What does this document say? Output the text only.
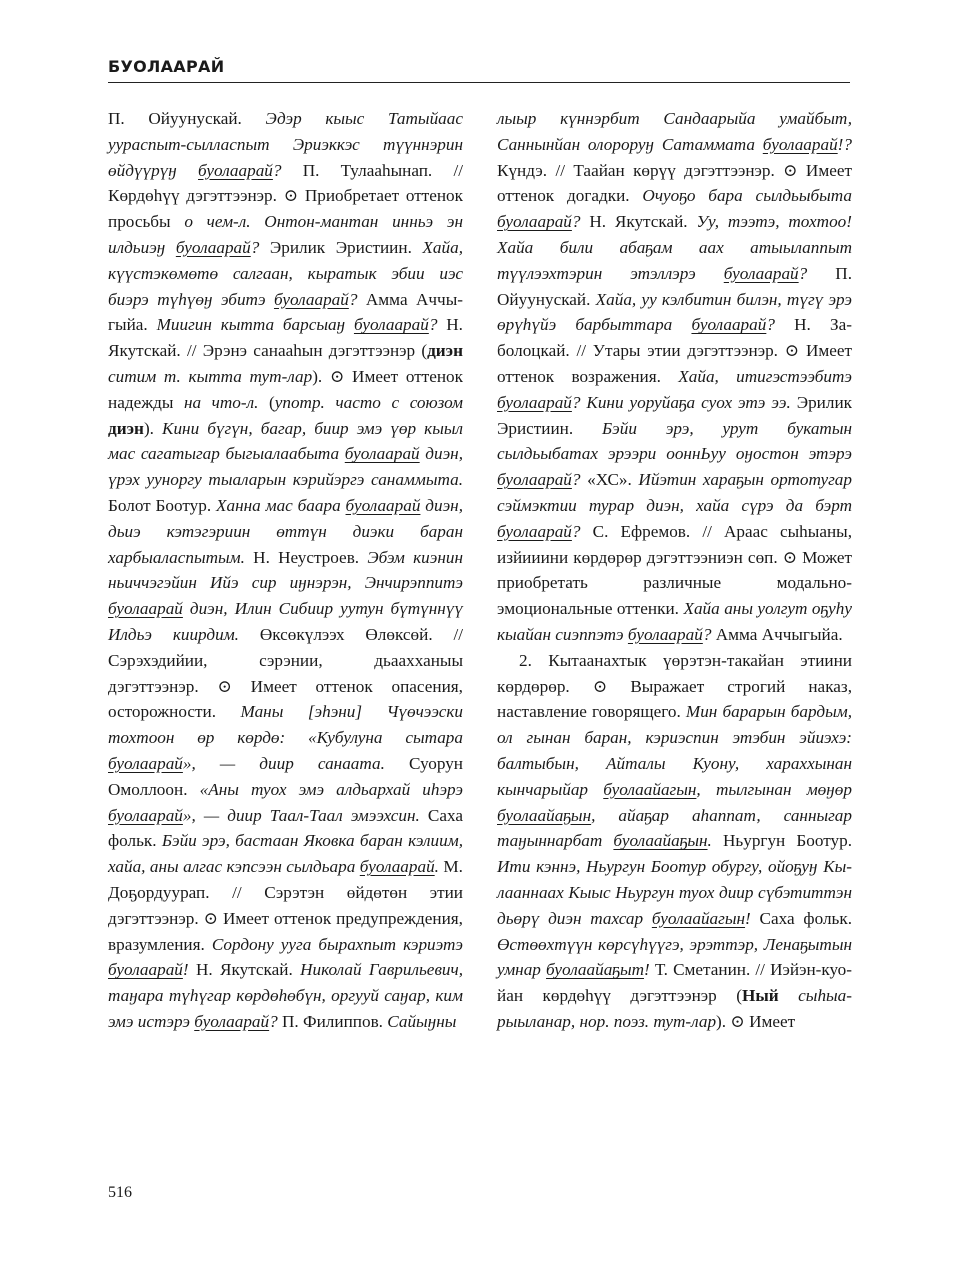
БУОЛААРАЙ

П. Ойуунускай. Эдэр кыыс Татыйаас уураспыт-сылласпыт Эриэккэс түүннэрин өйдүүрүӈ буолаарай? П. Тулааhынап. // Көрдөhүү дэгэттээнэр. ⊙ Приобретает оттенок просьбы о чем-л. Онтон-мантан инньэ эн илдьиэӈ буолаарай? Эрилик Эристиин. Хайа, күүстэкөмөтө салгаан, кыратык эбии иэс биэрэ түhүөӈ эбитэ буолаарай? Амма Аччыгыйа. Миигин кытта барсыаӈ буолаарай? Н. Якутскай. // Эрэнэ санааhын дэгэттээнэр (диэн ситим т. кытта тут-лар). ⊙ Имеет оттенок надежды на что-л. (употр. часто с союзом диэн). Кини бүгүн, багар, биир эмэ үөр кыыл мас сагатыгар быгыалаабыта буолаарай диэн, үрэх ууноргу тыаларын кэрийэргэ санаммыта. Болот Боотур. Ханна мас баара буолаарай диэн, дьиэ кэтэгэриин өттүн диэки баран харбыаласпытым. Н. Неустроев. Эбэм киэнин ньиччэгэйин Ийэ сир иӈнэрэн, Энчирэппитэ буолаарай диэн, Илин Сибиир уутун бүтүннүү Илдьэ киирдим. Өксөкүлээх Өлөксөй. // Сэрэхэдийии, сэрэнии, дьаахханыы дэгэттээнэр. ⊙ Имеет оттенок опасения, осторожности. Маны [эhэни] Чүөчээски тохтоон өр көрдө: «Кубулуна сытара буолаарай», — диир санаата. Суорун Омоллоон. «Аны туох эмэ алдьархай иhэрэ буолаарай», — диир Таал-Таал эмээхсин. Саха фольк. Бэйи эрэ, бастаан Яковка баран кэлиим, хайа, аны алгас кэпсээн сылдьара буолаарай. М. Доҕордуурап. // Сэрэтэн өйдөтөн этии дэгэттээнэр. ⊙ Имеет оттенок предупреждения, вразумления. Сордону ууга бырахпыт кэриэтэ буолаарай! Н. Якутскай. Николай Гаврильевич, таӈара түhүгар көрдөhөбүн, оргууй саӈар, ким эмэ истэрэ буолаарай? П. Филиппов. Сайыӈны

лыыр күннэрбит Сандаарыйа умайбыт, Саннынйан олороруӈ Сатаммата буолаарай!? Күндэ. // Таайан көрүү дэгэттээнэр. ⊙ Имеет оттенок догадки. Очуоҕо бара сылдьыбыта буолаарай? Н. Якутскай. Уу, тээтэ, тохтоо! Хайа били абаҕам аах атыылаппыт түүлээхтэрин этэллэрэ буолаарай? П. Ойуунускай. Хайа, уу кэлбитин билэн, түгү эрэ өрүhүйэ барбыттара буолаарай? Н. Заболоцкай. // Утары этии дэгэттээнэр. ⊙ Имеет оттенок возражения. Хайа, итигэстээбитэ буолаарай? Кини уоруйаҕа суох этэ ээ. Эрилик Эристиин. Бэйи эрэ, урут букатын сылдьыбатах эрээри ооннЬуу оӈостон этэрэ буолаарай? «ХС». Ийэтин хараҕын ортотугар сэймэктии турар диэн, хайа сүрэ да бэрт буолаарай? С. Ефремов. // Араас сыhыаны, изйииини көрдөрөр дэгэттээниэн сөп. ⊙ Может приобретать различные модально-эмоциональные оттенки. Хайа аны уолгут оҕуhу кыайан сиэппэтэ буолаарай? Амма Аччыгыйа.

2. Кытаанахтык үөрэтэн-такайан этиини көрдөрөр. ⊙ Выражает строгий наказ, наставление говорящего. Мин барарын бардым, ол гынан баран, кэриэспин этэбин эйиэхэ: балтыбын, Айталы Куону, хараххынан кынчарыйар буолаайагын, тылгынан мөӈөр буолаайаҕын, айаҕар аhаппат, санныгар таӈыннарбат буолаайаҕын. Ньургун Боотур. Ити кэннэ, Ньургун Боотур обургу, ойоҕуӈ Кылааннаах Кыыс Ньургун туох диир сүбэтиттэн дьөрү диэн тахсар буолаайагын! Саха фольк. Өстөөхтүүн көрсүhүүгэ, эрэттэр, Ленаҕытын умнар буолаайаҕыт! Т. Сметанин. // Иэйэн-куойан көрдөhүү дэгэттээнэр (Ный сыhыарыыланар, нор. поэз. тут-лар). ⊙ Имеет

516
